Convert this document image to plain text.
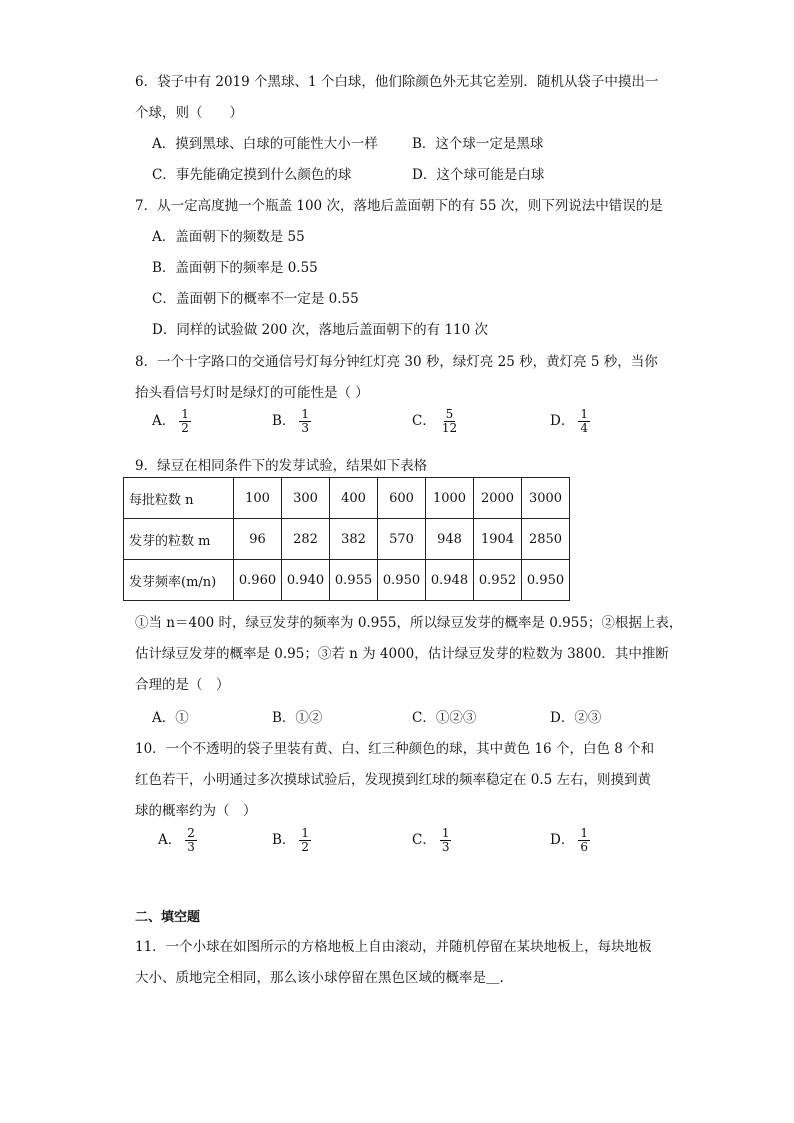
6．袋子中有 2019 个黑球、1 个白球，他们除颜色外无其它差别．随机从袋子中摸出一
个球，则（　　）
A．摸到黑球、白球的可能性大小一样	B．这个球一定是黑球
C．事先能确定摸到什么颜色的球	D．这个球可能是白球
7．从一定高度抛一个瓶盖 100 次，落地后盖面朝下的有 55 次，则下列说法中错误的是
A．盖面朝下的频数是 55
B．盖面朝下的频率是 0.55
C．盖面朝下的概率不一定是 0.55
D．同样的试验做 200 次，落地后盖面朝下的有 110 次
8．一个十字路口的交通信号灯每分钟红灯亮 30 秒，绿灯亮 25 秒，黄灯亮 5 秒，当你
抬头看信号灯时是绿灯的可能性是（ ）
A． $\frac{1}{2}$	B． $\frac{1}{3}$	C． $\frac{5}{12}$	D． $\frac{1}{4}$
9．绿豆在相同条件下的发芽试验，结果如下表格
每批粒数 n	100	300	400	600	1000	2000	3000
发芽的粒数 m	96	282	382	570	948	1904	2850
发芽频率(m/n)	0.960	0.940	0.955	0.950	0.948	0.952	0.950
①当 n＝400 时，绿豆发芽的频率为 0.955，所以绿豆发芽的概率是 0.955；②根据上表，
估计绿豆发芽的概率是 0.95；③若 n 为 4000，估计绿豆发芽的粒数为 3800．其中推断
合理的是（　）
A．①	B．①②	C．①②③	D．②③
10．一个不透明的袋子里装有黄、白、红三种颜色的球，其中黄色 16 个，白色 8 个和
红色若干，小明通过多次摸球试验后，发现摸到红球的频率稳定在 0.5 左右，则摸到黄
球的概率约为（　）
A． $\frac{2}{3}$	B． $\frac{1}{2}$	C． $\frac{1}{3}$	D． $\frac{1}{6}$
二、填空题
11．一个小球在如图所示的方格地板上自由滚动，并随机停留在某块地板上，每块地板
大小、质地完全相同，那么该小球停留在黑色区域的概率是＿.
